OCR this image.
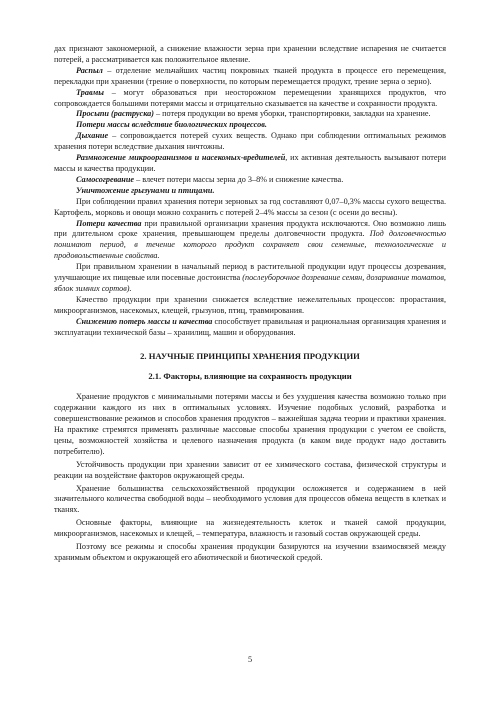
дах признают закономерной, а снижение влажности зерна при хранении вследствие испарения не считается потерей, а рассматривается как положительное явление.

Распыл – отделение мельчайших частиц покровных тканей продукта в процессе его перемещения, перекладки при хранении (трение о поверхности, по которым перемещается продукт, трение зерна о зерно).

Травмы – могут образоваться при неосторожном перемещении хранящихся продуктов, что сопровождается большими потерями массы и отрицательно сказывается на качестве и сохранности продукта.

Просыпи (раструска) – потеря продукции во время уборки, транспортировки, закладки на хранение.

Потери массы вследствие биологических процессов.

Дыхание – сопровождается потерей сухих веществ. Однако при соблюдении оптимальных режимов хранения потери вследствие дыхания ничтожны.

Размножение микроорганизмов и насекомых-вредителей, их активная деятельность вызывают потери массы и качества продукции.

Самосогревание – влечет потери массы зерна до 3–8% и снижение качества.

Уничтожение грызунами и птицами.

При соблюдении правил хранения потери зерновых за год составляют 0,07–0,3% массы сухого вещества. Картофель, морковь и овощи можно сохранить с потерей 2–4% массы за сезон (с осени до весны).

Потери качества при правильной организации хранения продукта исключаются. Оно возможно лишь при длительном сроке хранения, превышающем пределы долговечности продукта. Под долговечностью понимают период, в течение которого продукт сохраняет свои семенные, технологические и продовольственные свойства.

При правильном хранении в начальный период в растительной продукции идут процессы дозревания, улучшающие их пищевые или посевные достоинства (послеуборочное дозревание семян, дозаривание томатов, яблок зимних сортов).

Качество продукции при хранении снижается вследствие нежелательных процессов: прорастания, микроорганизмов, насекомых, клещей, грызунов, птиц, травмирования.

Снижению потерь массы и качества способствует правильная и рациональная организация хранения и эксплуатации технической базы – хранилищ, машин и оборудования.

2. НАУЧНЫЕ ПРИНЦИПЫ ХРАНЕНИЯ ПРОДУКЦИИ

2.1. Факторы, влияющие на сохранность продукции

Хранение продуктов с минимальными потерями массы и без ухудшения качества возможно только при содержании каждого из них в оптимальных условиях. Изучение подобных условий, разработка и совершенствование режимов и способов хранения продуктов – важнейшая задача теории и практики хранения. На практике стремятся применять различные массовые способы хранения продукции с учетом ее свойств, цены, возможностей хозяйства и целевого назначения продукта (в каком виде продукт надо доставить потребителю).

Устойчивость продукции при хранении зависит от ее химического состава, физической структуры и реакции на воздействие факторов окружающей среды.

Хранение большинства сельскохозяйственной продукции осложняется и содержанием в ней значительного количества свободной воды – необходимого условия для процессов обмена веществ в клетках и тканях.

Основные факторы, влияющие на жизнедеятельность клеток и тканей самой продукции, микроорганизмов, насекомых и клещей, – температура, влажность и газовый состав окружающей среды.

Поэтому все режимы и способы хранения продукции базируются на изучении взаимосвязей между хранимым объектом и окружающей его абиотической и биотической средой.

5
